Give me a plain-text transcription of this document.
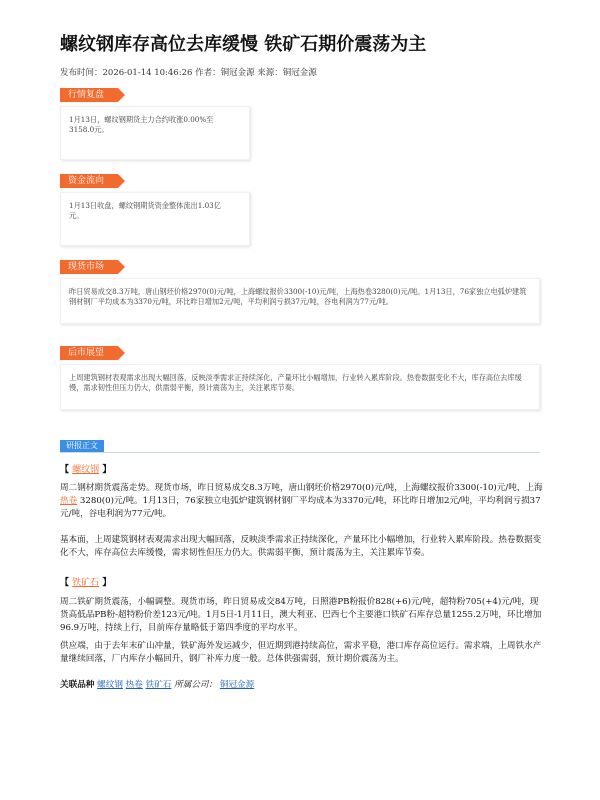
螺纹钢库存高位去库缓慢 铁矿石期价震荡为主
发布时间：2026-01-14 10:46:26 作者：铜冠金源 来源：铜冠金源
行情复盘
1月13日，螺纹钢期货主力合约收涨0.00%至3158.0元。
资金流向
1月13日收盘，螺纹钢期货资金整体流出1.03亿元。
现货市场
昨日贸易成交8.3万吨，唐山钢坯价格2970(0)元/吨，上海螺纹报价3300(-10)元/吨，上海热卷3280(0)元/吨。1月13日，76家独立电弧炉建筑钢材钢厂平均成本为3370元/吨，环比昨日增加2元/吨，平均利润亏损37元/吨，谷电利润为77元/吨。
后市展望
上周建筑钢材表观需求出现大幅回落，反映淡季需求正持续深化，产量环比小幅增加，行业转入累库阶段。热卷数据变化不大，库存高位去库缓慢，需求韧性但压力仍大，供需弱平衡，预计震荡为主，关注累库节奏。
研报正文
【 螺纹钢 】
周二钢材期货震荡走势。现货市场，昨日贸易成交8.3万吨，唐山钢坯价格2970(0)元/吨，上海螺纹报价3300(-10)元/吨，上海热卷 3280(0)元/吨。1月13日，76家独立电弧炉建筑钢材钢厂平均成本为3370元/吨，环比昨日增加2元/吨，平均利润亏损37元/吨，谷电利润为77元/吨。
基本面，上周建筑钢材表观需求出现大幅回落，反映淡季需求正持续深化，产量环比小幅增加，行业转入累库阶段。热卷数据变化不大，库存高位去库缓慢，需求韧性但压力仍大。供需弱平衡，预计震荡为主，关注累库节奏。
【 铁矿石 】
周二铁矿期货震荡，小幅调整。现货市场，昨日贸易成交84万吨，日照港PB粉报价828(+6)元/吨，超特粉705(+4)元/吨，现货高低品PB粉-超特粉价差123元/吨。1月5日-1月11日，澳大利亚、巴西七个主要港口铁矿石库存总量1255.2万吨，环比增加96.9万吨，持续上行，目前库存量略低于第四季度的平均水平。
供应端，由于去年末矿山冲量，铁矿海外发运减少，但近期到港持续高位，需求平稳，港口库存高位运行。需求端，上周铁水产量继续回落，厂内库存小幅回升，钢厂补库力度一般。总体供强需弱，预计期价震荡为主。
关联品种 螺纹钢 热卷 铁矿石 所属公司： 铜冠金源
